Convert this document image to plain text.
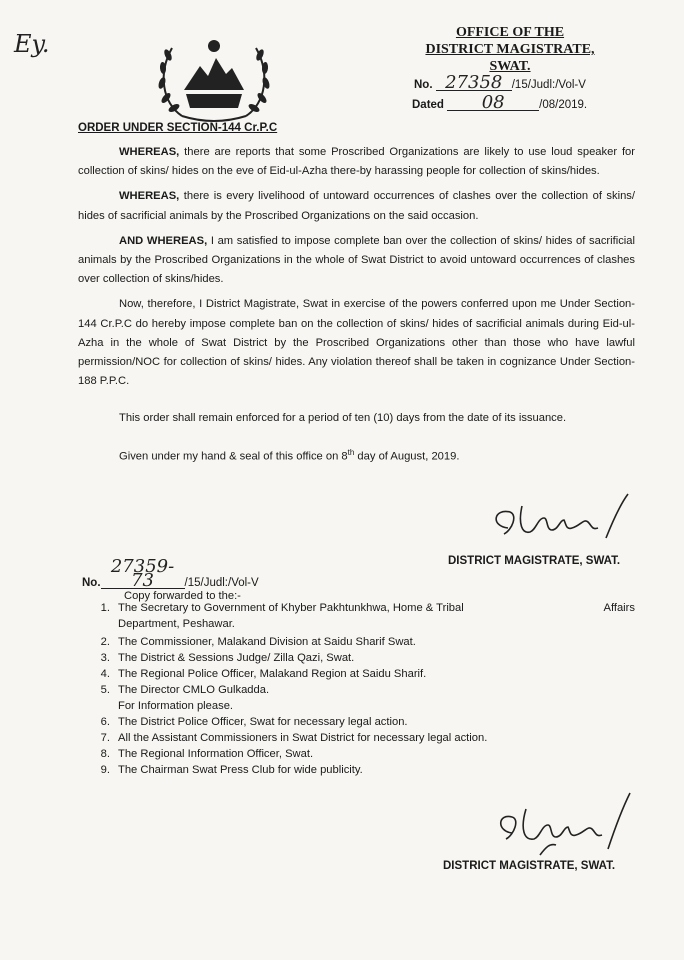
Ey.	OFFICE OF THE
DISTRICT MAGISTRATE,
SWAT.
No. 27358 /15/Judl:/Vol-V
Dated 08	/08/2019.
ORDER UNDER SECTION-144 Cr.P.C
WHEREAS, there are reports that some Proscribed Organizations are likely to use loud speaker for collection of skins/ hides on the eve of Eid-ul-Azha there-by harassing people for collection of skins/hides.
WHEREAS, there is every livelihood of untoward occurrences of clashes over the collection of skins/ hides of sacrificial animals by the Proscribed Organizations on the said occasion.
AND WHEREAS, I am satisfied to impose complete ban over the collection of skins/ hides of sacrificial animals by the Proscribed Organizations in the whole of Swat District to avoid untoward occurrences of clashes over collection of skins/hides.
Now, therefore, I District Magistrate, Swat in exercise of the powers conferred upon me Under Section-144 Cr.P.C do hereby impose complete ban on the collection of skins/ hides of sacrificial animals during Eid-ul-Azha in the whole of Swat District by the Proscribed Organizations other than those who have lawful permission/NOC for collection of skins/ hides. Any violation thereof shall be taken in cognizance Under Section-188 P.P.C.
This order shall remain enforced for a period of ten (10) days from the date of its issuance.
Given under my hand & seal of this office on 8th day of August, 2019.
DISTRICT MAGISTRATE, SWAT.
No.27359-73	/15/Judl:/Vol-V
Copy forwarded to the:-
1. The Secretary to Government of Khyber Pakhtunkhwa, Home & Tribal	Affairs
Department, Peshawar.
2. The Commissioner, Malakand Division at Saidu Sharif Swat.
3. The District & Sessions Judge/ Zilla Qazi, Swat.
4. The Regional Police Officer, Malakand Region at Saidu Sharif.
5. The Director CMLO Gulkadda.
For Information please.
6. The District Police Officer, Swat for necessary legal action.
7. All the Assistant Commissioners in Swat District for necessary legal action.
8. The Regional Information Officer, Swat.
9. The Chairman Swat Press Club for wide publicity.
DISTRICT MAGISTRATE, SWAT.
